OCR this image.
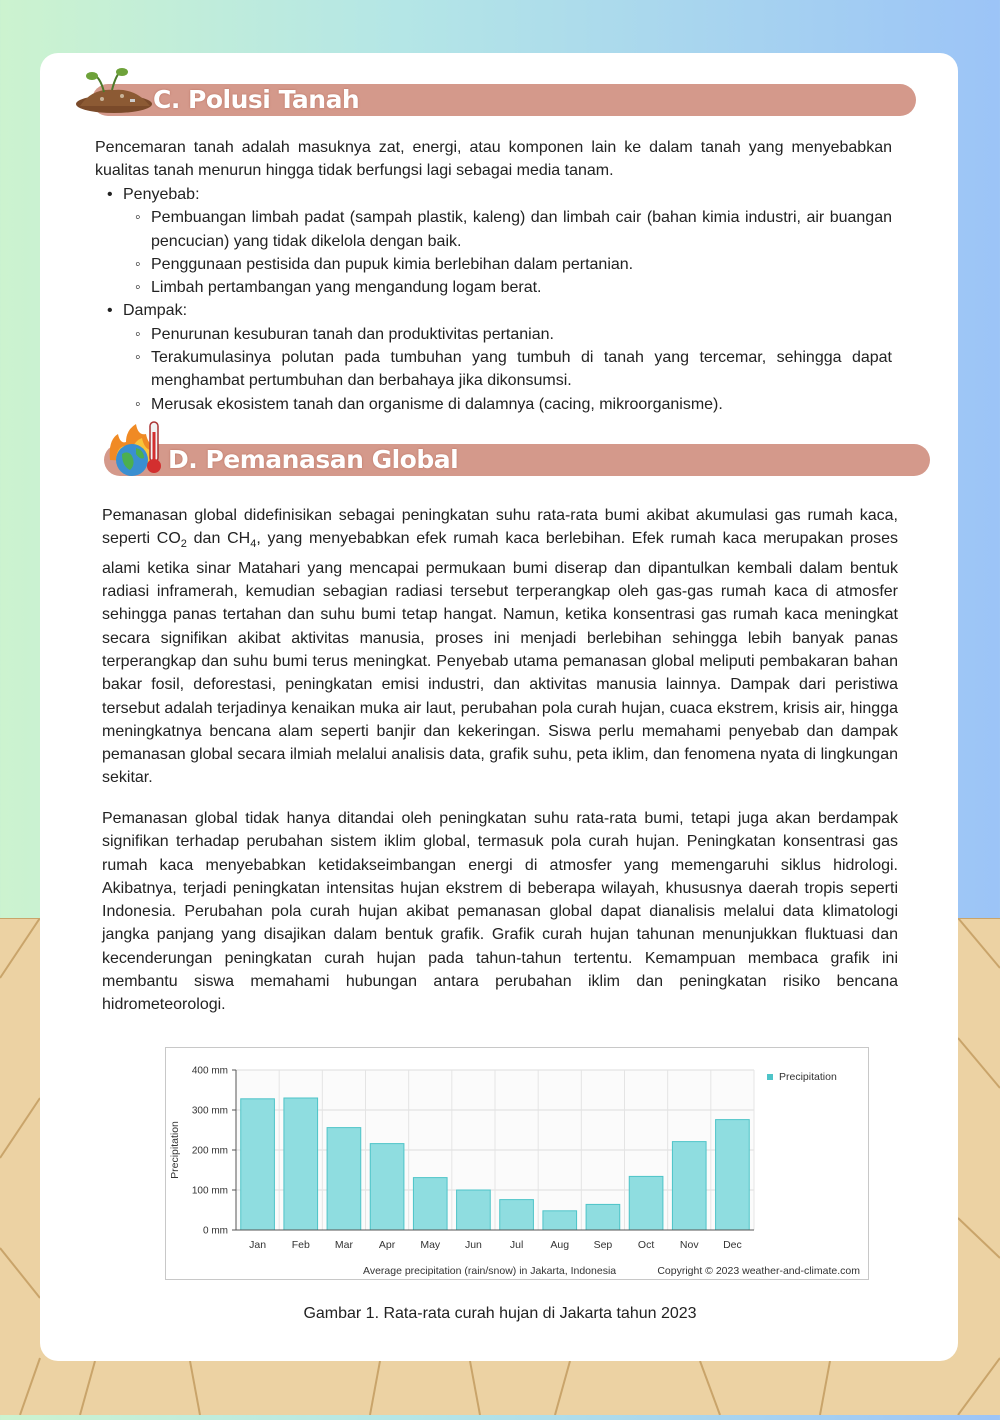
C. Polusi Tanah
Pencemaran tanah adalah masuknya zat, energi, atau komponen lain ke dalam tanah yang menyebabkan kualitas tanah menurun hingga tidak berfungsi lagi sebagai media tanam.
• Penyebab:
◦ Pembuangan limbah padat (sampah plastik, kaleng) dan limbah cair (bahan kimia industri, air buangan pencucian) yang tidak dikelola dengan baik.
◦ Penggunaan pestisida dan pupuk kimia berlebihan dalam pertanian.
◦ Limbah pertambangan yang mengandung logam berat.
• Dampak:
◦ Penurunan kesuburan tanah dan produktivitas pertanian.
◦ Terakumulasinya polutan pada tumbuhan yang tumbuh di tanah yang tercemar, sehingga dapat menghambat pertumbuhan dan berbahaya jika dikonsumsi.
◦ Merusak ekosistem tanah dan organisme di dalamnya (cacing, mikroorganisme).
D. Pemanasan Global
Pemanasan global didefinisikan sebagai peningkatan suhu rata-rata bumi akibat akumulasi gas rumah kaca, seperti $CO_2$ dan $CH_4$, yang menyebabkan efek rumah kaca berlebihan. Efek rumah kaca merupakan proses alami ketika sinar Matahari yang mencapai permukaan bumi diserap dan dipantulkan kembali dalam bentuk radiasi inframerah, kemudian sebagian radiasi tersebut terperangkap oleh gas-gas rumah kaca di atmosfer sehingga panas tertahan dan suhu bumi tetap hangat. Namun, ketika konsentrasi gas rumah kaca meningkat secara signifikan akibat aktivitas manusia, proses ini menjadi berlebihan sehingga lebih banyak panas terperangkap dan suhu bumi terus meningkat. Penyebab utama pemanasan global meliputi pembakaran bahan bakar fosil, deforestasi, peningkatan emisi industri, dan aktivitas manusia lainnya. Dampak dari peristiwa tersebut adalah terjadinya kenaikan muka air laut, perubahan pola curah hujan, cuaca ekstrem, krisis air, hingga meningkatnya bencana alam seperti banjir dan kekeringan. Siswa perlu memahami penyebab dan dampak pemanasan global secara ilmiah melalui analisis data, grafik suhu, peta iklim, dan fenomena nyata di lingkungan sekitar.
Pemanasan global tidak hanya ditandai oleh peningkatan suhu rata-rata bumi, tetapi juga akan berdampak signifikan terhadap perubahan sistem iklim global, termasuk pola curah hujan. Peningkatan konsentrasi gas rumah kaca menyebabkan ketidakseimbangan energi di atmosfer yang memengaruhi siklus hidrologi. Akibatnya, terjadi peningkatan intensitas hujan ekstrem di beberapa wilayah, khususnya daerah tropis seperti Indonesia. Perubahan pola curah hujan akibat pemanasan global dapat dianalisis melalui data klimatologi jangka panjang yang disajikan dalam bentuk grafik. Grafik curah hujan tahunan menunjukkan fluktuasi dan kecenderungan peningkatan curah hujan pada tahun-tahun tertentu. Kemampuan membaca grafik ini membantu siswa memahami hubungan antara perubahan iklim dan peningkatan risiko bencana hidrometeorologi.
0 mm
100 mm
200 mm
300 mm
400 mm
Jan Feb Mar Apr May Jun	Jul	Aug Sep Oct Nov Dec
Precipitation
Precipitation
Average precipitation (rain/snow) in Jakarta, Indonesia	Copyright © 2023 weather-and-climate.com
Gambar 1. Rata-rata curah hujan di Jakarta tahun 2023
